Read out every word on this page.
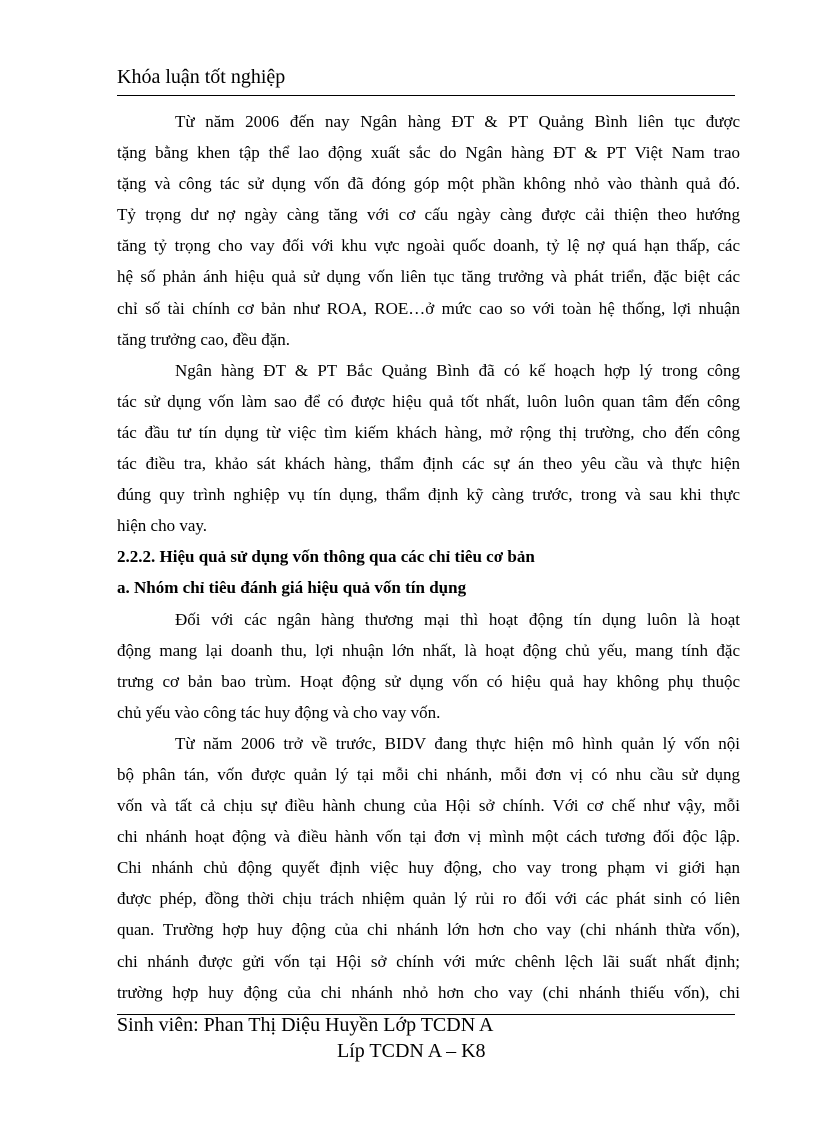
Khóa luận tốt nghiệp
Từ năm 2006 đến nay Ngân hàng ĐT & PT Quảng Bình liên tục được
tặng bằng khen tập thể lao động xuất sắc do Ngân hàng ĐT & PT Việt Nam trao
tặng và công tác sử dụng vốn đã đóng góp một phần không nhỏ vào thành quả đó.
Tỷ trọng dư nợ ngày càng tăng với cơ cấu ngày càng được cải thiện theo hướng
tăng tỷ trọng cho vay đối với khu vực ngoài quốc doanh, tỷ lệ nợ quá hạn thấp, các
hệ số phản ánh hiệu quả sử dụng vốn liên tục tăng trưởng và phát triển, đặc biệt các
chỉ số tài chính cơ bản như ROA, ROE…ở mức cao so với toàn hệ thống, lợi nhuận
tăng trưởng cao, đều đặn.
Ngân hàng ĐT & PT Bắc Quảng Bình đã có kế hoạch hợp lý trong công
tác sử dụng vốn làm sao để có được hiệu quả tốt nhất, luôn luôn quan tâm đến công
tác đầu tư tín dụng từ việc tìm kiếm khách hàng, mở rộng thị trường, cho đến công
tác điều tra, khảo sát khách hàng, thẩm định các sự án theo yêu cầu và thực hiện
đúng quy trình nghiệp vụ tín dụng, thẩm định kỹ càng trước, trong và sau khi thực
hiện cho vay.
2.2.2. Hiệu quả sử dụng vốn thông qua các chỉ tiêu cơ bản
a. Nhóm chỉ tiêu đánh giá hiệu quả vốn tín dụng
Đối với các ngân hàng thương mại thì hoạt động tín dụng luôn là hoạt
động mang lại doanh thu, lợi nhuận lớn nhất, là hoạt động chủ yếu, mang tính đặc
trưng cơ bản bao trùm. Hoạt động sử dụng vốn có hiệu quả hay không phụ thuộc
chủ yếu vào công tác huy động và cho vay vốn.
Từ năm 2006 trở về trước, BIDV đang thực hiện mô hình quản lý vốn nội
bộ phân tán, vốn được quản lý tại mỗi chi nhánh, mỗi đơn vị có nhu cầu sử dụng
vốn và tất cả chịu sự điều hành chung của Hội sở chính. Với cơ chế như vậy, mỗi
chi nhánh hoạt động và điều hành vốn tại đơn vị mình một cách tương đối độc lập.
Chi nhánh chủ động quyết định việc huy động, cho vay trong phạm vi giới hạn
được phép, đồng thời chịu trách nhiệm quản lý rủi ro đối với các phát sinh có liên
quan. Trường hợp huy động của chi nhánh lớn hơn cho vay (chi nhánh thừa vốn),
chi nhánh được gửi vốn tại Hội sở chính với mức chênh lệch lãi suất nhất định;
trường hợp huy động của chi nhánh nhỏ hơn cho vay (chi nhánh thiếu vốn), chi
Sinh viên: Phan Thị Diệu Huyền Lớp TCDN A
Líp TCDN A – K8
